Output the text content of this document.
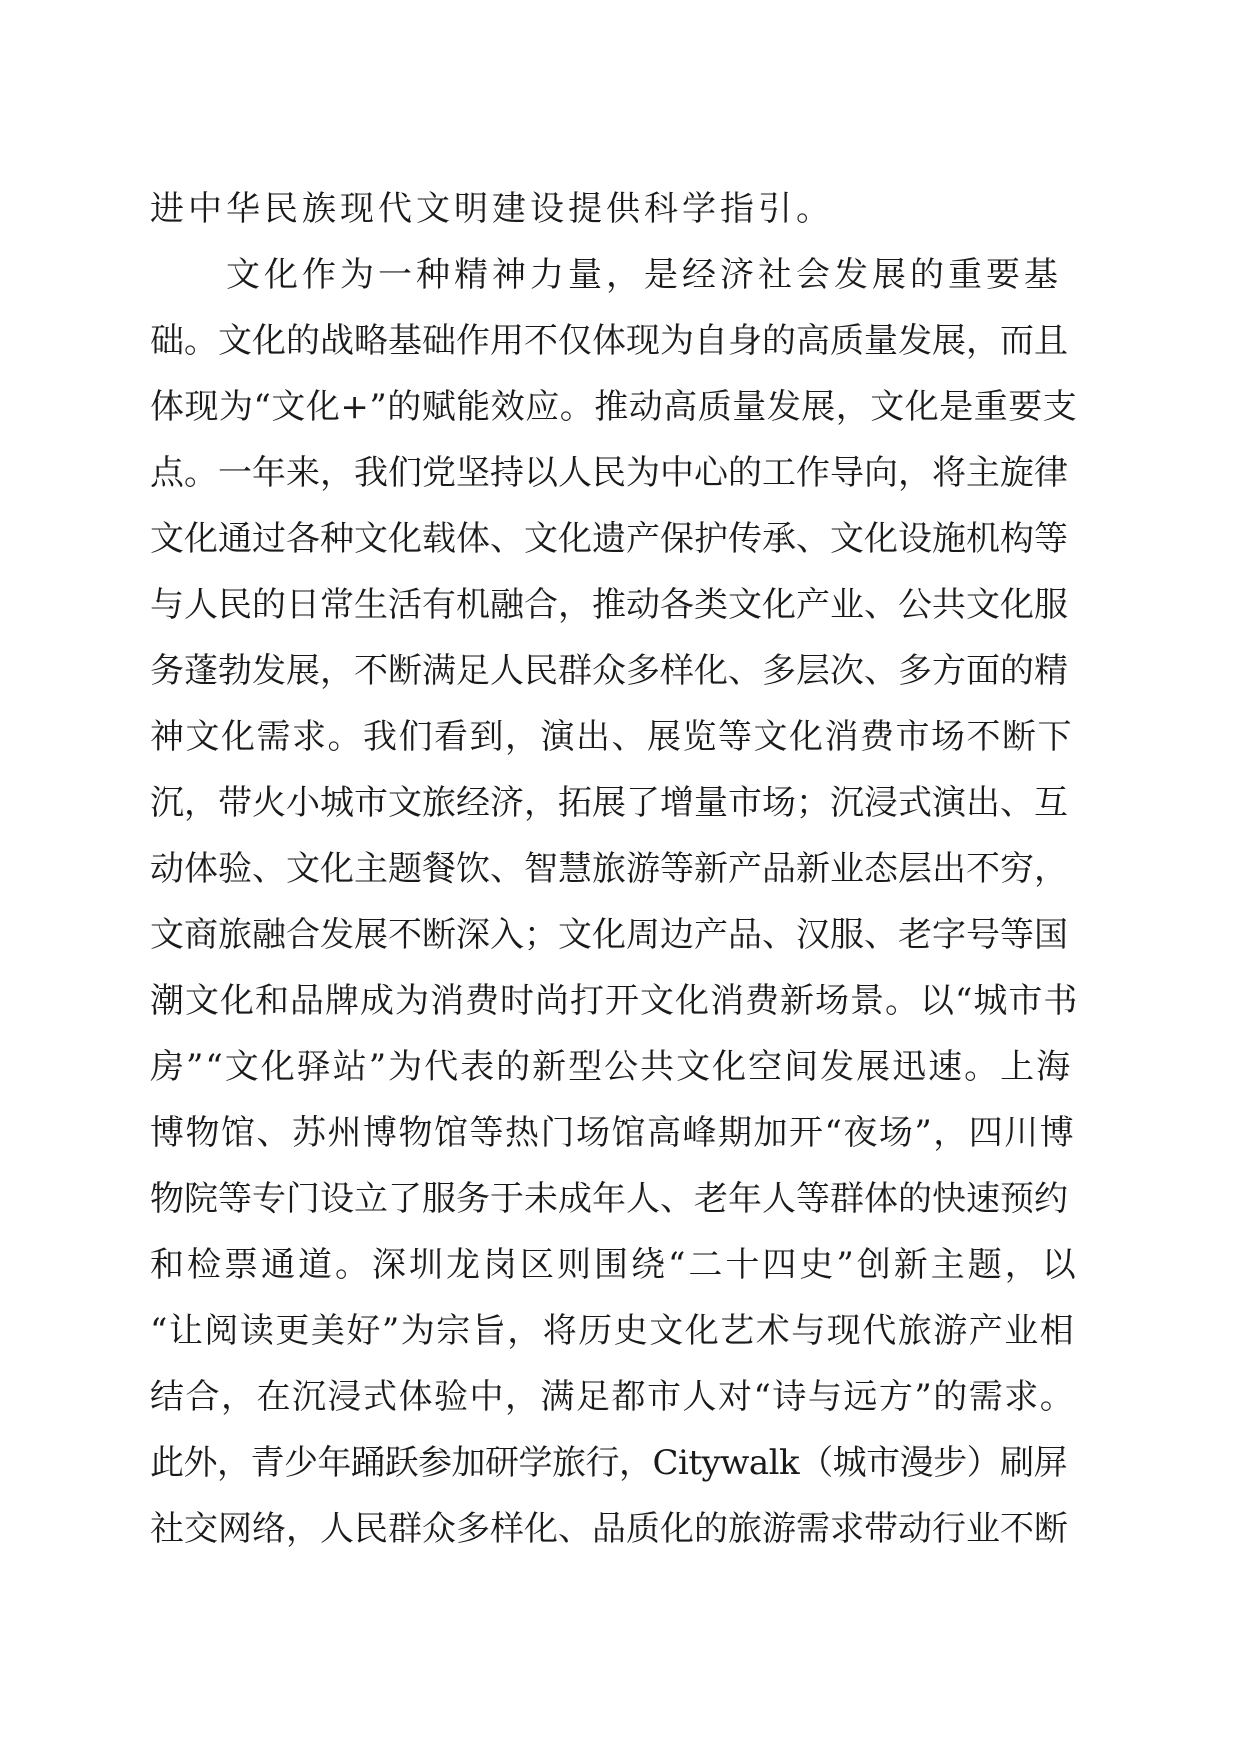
进中华民族现代文明建设提供科学指引。
　　文化作为一种精神力量，是经济社会发展的重要基
础。文化的战略基础作用不仅体现为自身的高质量发展，而且
体现为“文化+”的赋能效应。推动高质量发展，文化是重要支
点。一年来，我们党坚持以人民为中心的工作导向，将主旋律
文化通过各种文化载体、文化遗产保护传承、文化设施机构等
与人民的日常生活有机融合，推动各类文化产业、公共文化服
务蓬勃发展，不断满足人民群众多样化、多层次、多方面的精
神文化需求。我们看到，演出、展览等文化消费市场不断下
沉，带火小城市文旅经济，拓展了增量市场；沉浸式演出、互
动体验、文化主题餐饮、智慧旅游等新产品新业态层出不穷，
文商旅融合发展不断深入；文化周边产品、汉服、老字号等国
潮文化和品牌成为消费时尚打开文化消费新场景。以“城市书
房”“文化驿站”为代表的新型公共文化空间发展迅速。上海
博物馆、苏州博物馆等热门场馆高峰期加开“夜场”，四川博
物院等专门设立了服务于未成年人、老年人等群体的快速预约
和检票通道。深圳龙岗区则围绕“二十四史”创新主题，以
“让阅读更美好”为宗旨，将历史文化艺术与现代旅游产业相
结合，在沉浸式体验中，满足都市人对“诗与远方”的需求。
此外，青少年踊跃参加研学旅行，Citywalk（城市漫步）刷屏
社交网络，人民群众多样化、品质化的旅游需求带动行业不断
